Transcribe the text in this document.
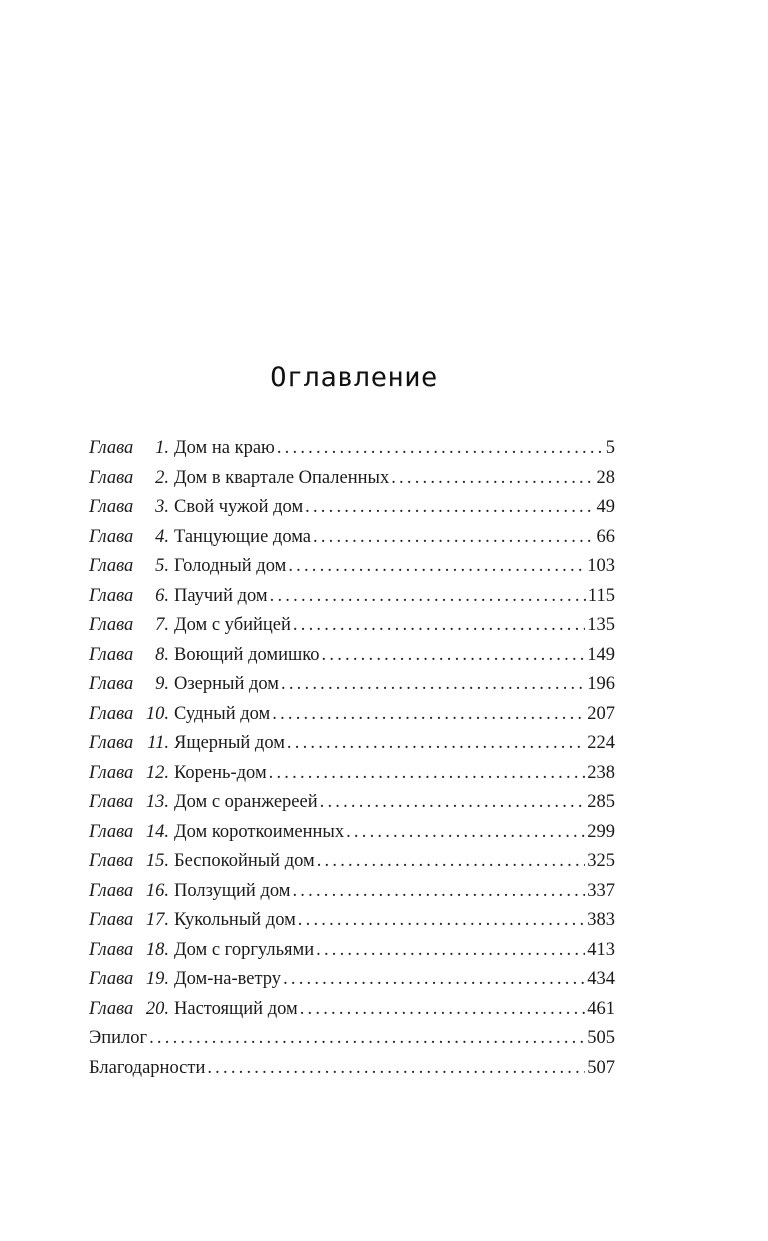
Оглавление
Глава	1. Дом на краю .....	5
Глава	2. Дом в квартале Опаленных .....	28
Глава	3. Свой чужой дом .....	49
Глава	4. Танцующие дома .....	66
Глава	5. Голодный дом .....	103
Глава	6. Паучий дом .....	115
Глава	7. Дом с убийцей .....	135
Глава	8. Воющий домишко .....	149
Глава	9. Озерный дом .....	196
Глава 10. Судный дом .....	207
Глава 11. Ящерный дом .....	224
Глава 12. Корень-дом .....	238
Глава 13. Дом с оранжереей .....	285
Глава 14. Дом короткоименных .....	299
Глава 15. Беспокойный дом .....	325
Глава 16. Ползущий дом .....	337
Глава 17. Кукольный дом .....	383
Глава 18. Дом с горгульями .....	413
Глава 19. Дом-на-ветру .....	434
Глава 20. Настоящий дом .....	461
Эпилог .....	505
Благодарности .....	507
